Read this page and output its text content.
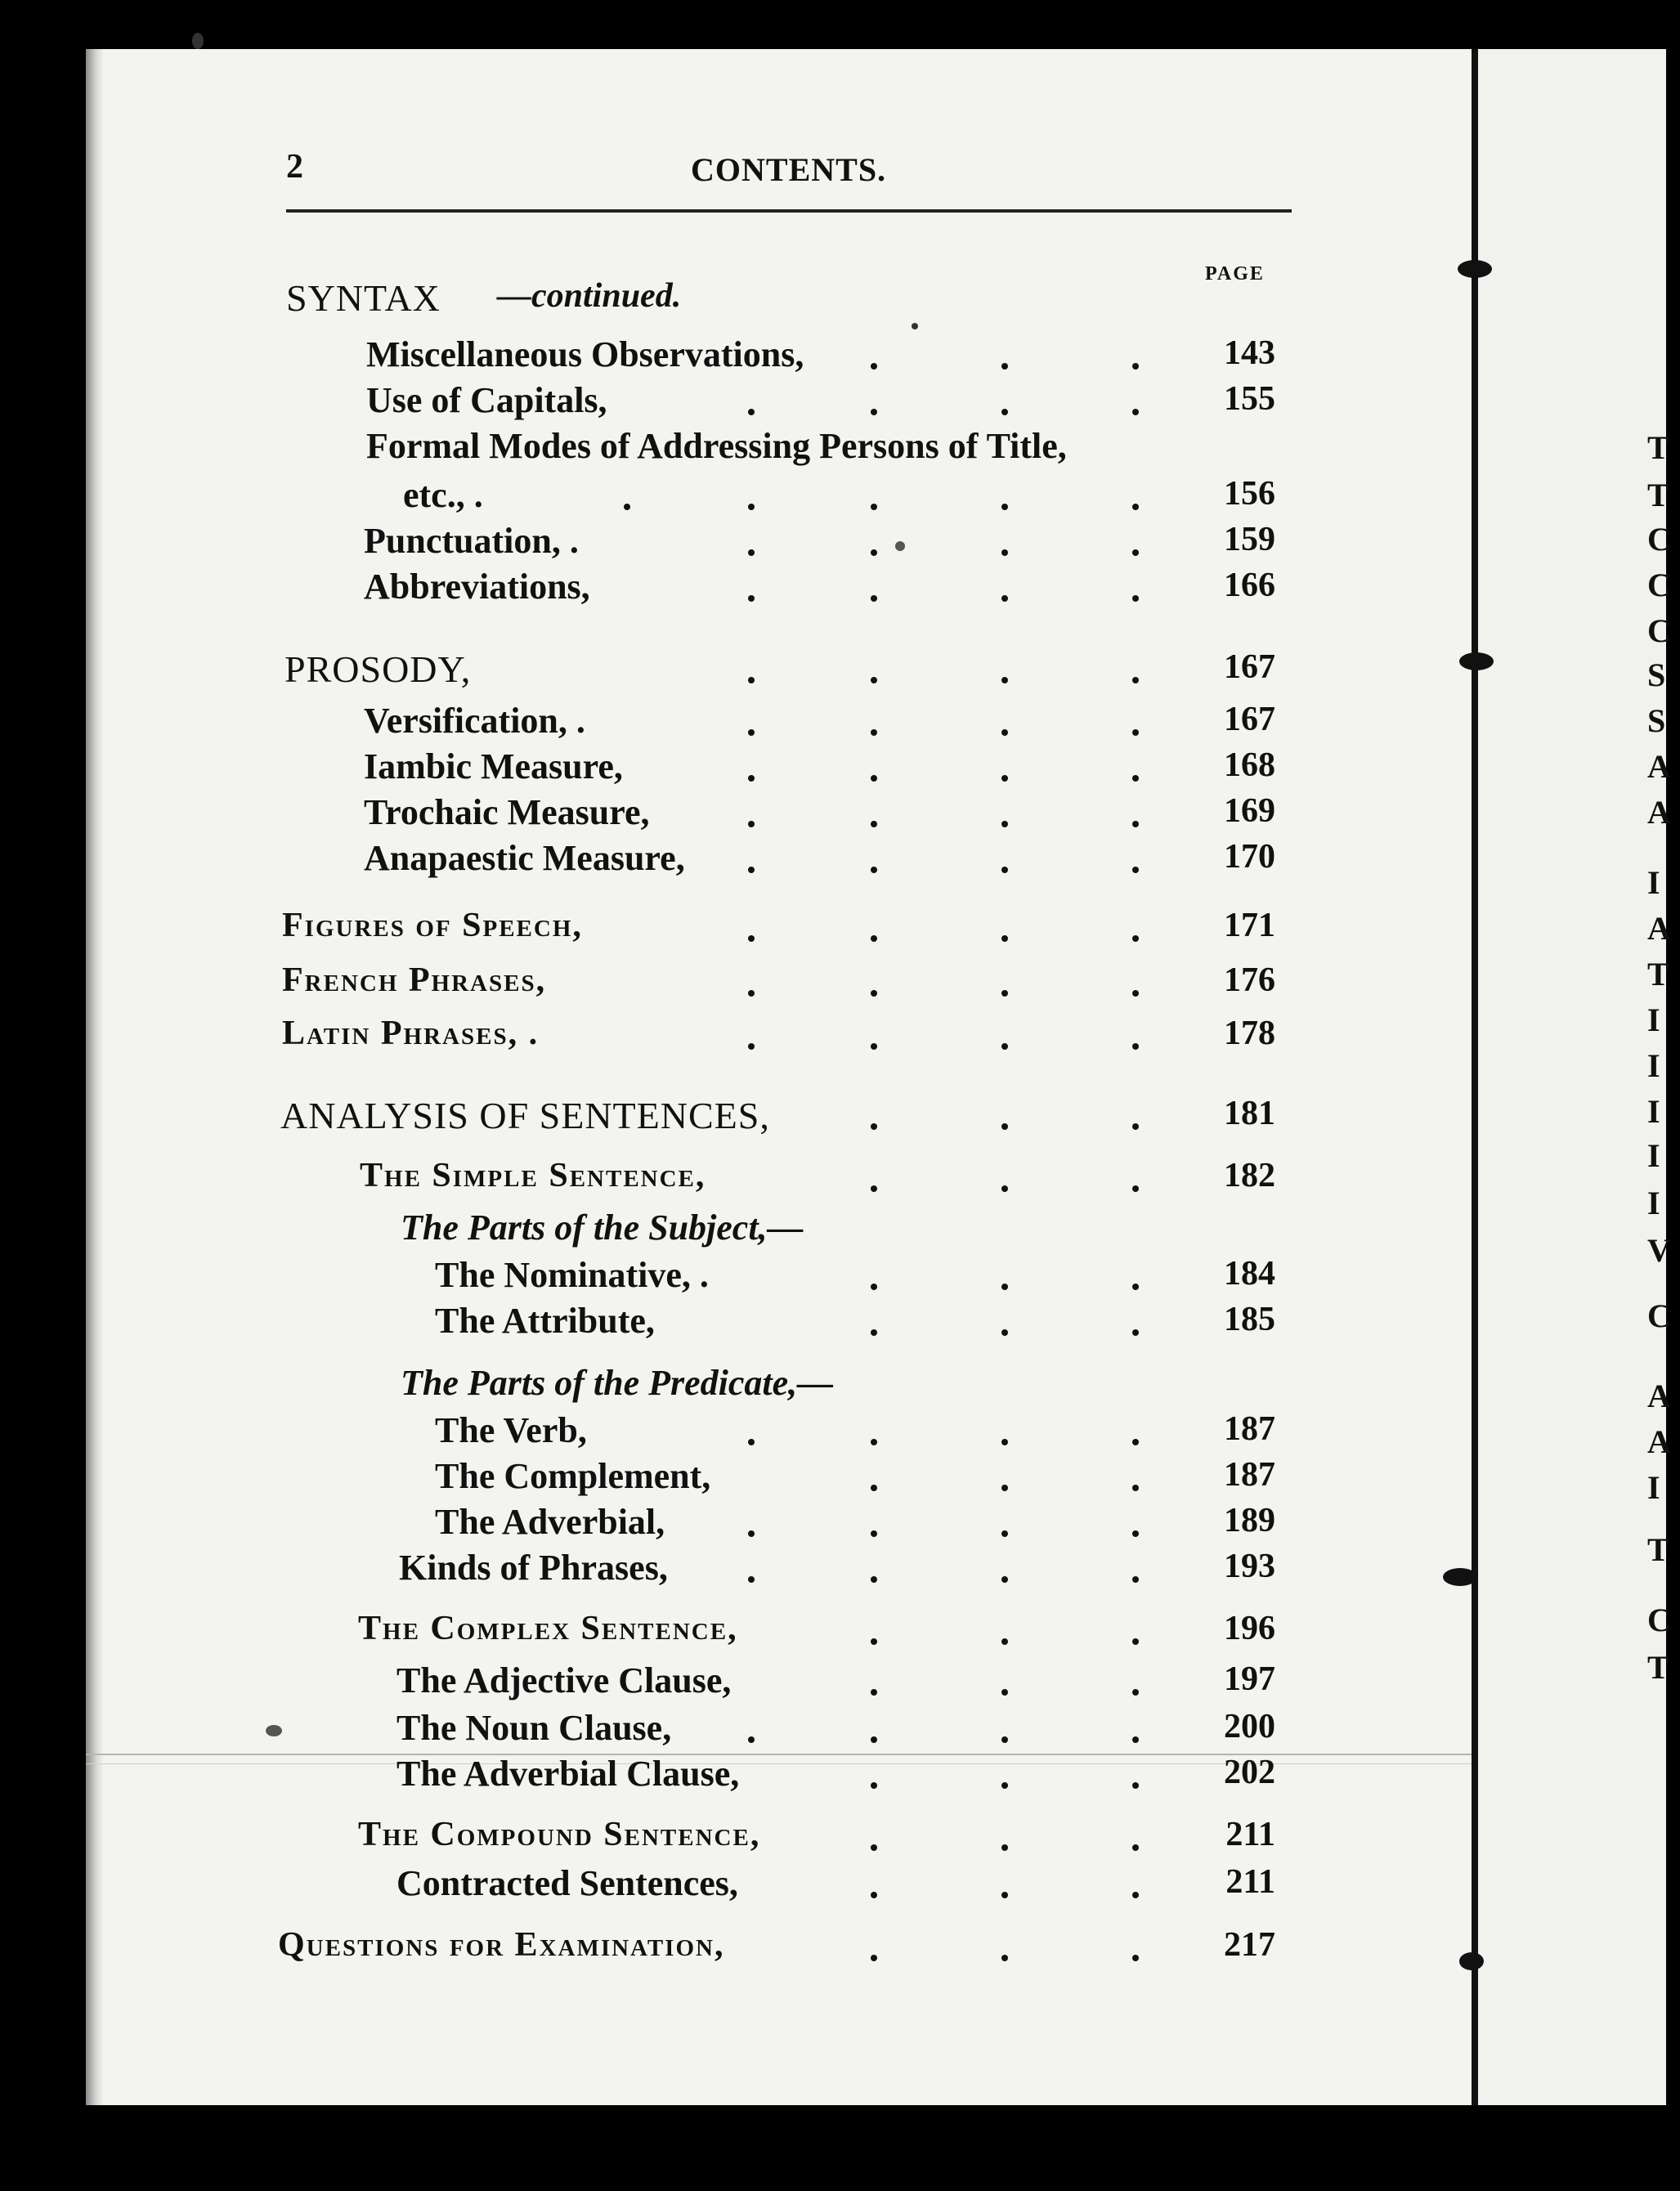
T
T
C
C
C
S
S
A
A
I
A
T
I
I
I
I
I
V
C
A
A
I
T
C
T
2	CONTENTS.
PAGE
SYNTAX —continued.
Miscellaneous Observations,	143
Use of Capitals,	155
Formal Modes of Addressing Persons of Title,
etc., .	156
Punctuation, .	159
Abbreviations,	166
PROSODY,	167
Versification, .	167
Iambic Measure,	168
Trochaic Measure,	169
Anapaestic Measure,	170
Figures of Speech,	171
French Phrases,	176
Latin Phrases, .	178
ANALYSIS OF SENTENCES,	181
The Simple Sentence,	182
The Parts of the Subject,—
The Nominative, .	184
The Attribute,	185
The Parts of the Predicate,—
The Verb,	187
The Complement,	187
The Adverbial,	189
Kinds of Phrases,	193
The Complex Sentence,	196
The Adjective Clause,	197
The Noun Clause,	200
The Adverbial Clause,	202
The Compound Sentence,	211
Contracted Sentences,	211
Questions for Examination,	217
